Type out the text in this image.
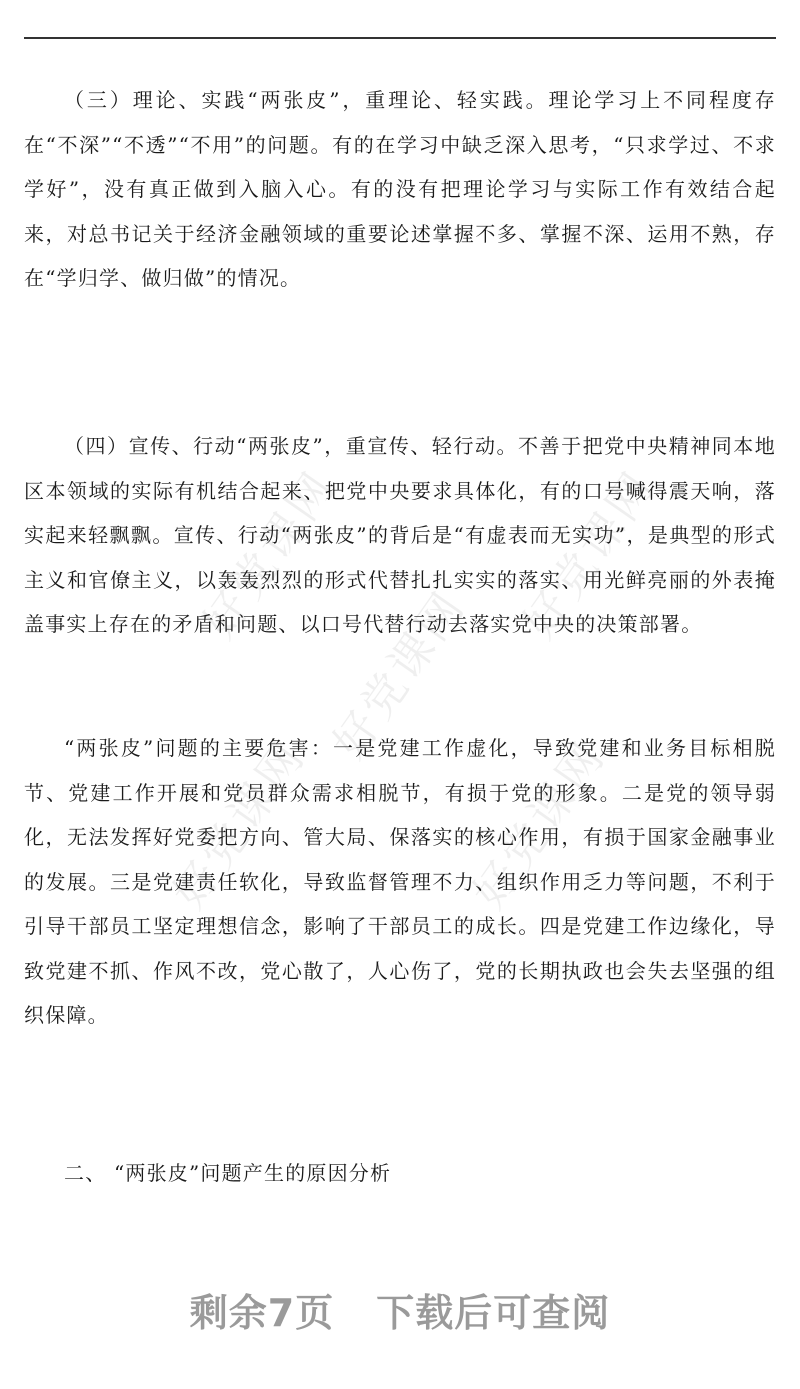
好党课网	好党课网
好党课网
好党课网	好党课网

（三）理论、实践“两张皮”，重理论、轻实践。理论学习上不同程度存在“不深”“不透”“不用”的问题。有的在学习中缺乏深入思考，“只求学过、不求学好”，没有真正做到入脑入心。有的没有把理论学习与实际工作有效结合起来，对总书记关于经济金融领域的重要论述掌握不多、掌握不深、运用不熟，存在“学归学、做归做”的情况。

（四）宣传、行动“两张皮”，重宣传、轻行动。不善于把党中央精神同本地区本领域的实际有机结合起来、把党中央要求具体化，有的口号喊得震天响，落实起来轻飘飘。宣传、行动“两张皮”的背后是“有虚表而无实功”，是典型的形式主义和官僚主义，以轰轰烈烈的形式代替扎扎实实的落实、用光鲜亮丽的外表掩盖事实上存在的矛盾和问题、以口号代替行动去落实党中央的决策部署。

“两张皮”问题的主要危害：一是党建工作虚化，导致党建和业务目标相脱节、党建工作开展和党员群众需求相脱节，有损于党的形象。二是党的领导弱化，无法发挥好党委把方向、管大局、保落实的核心作用，有损于国家金融事业的发展。三是党建责任软化，导致监督管理不力、组织作用乏力等问题，不利于引导干部员工坚定理想信念，影响了干部员工的成长。四是党建工作边缘化，导致党建不抓、作风不改，党心散了，人心伤了，党的长期执政也会失去坚强的组织保障。

二、 “两张皮”问题产生的原因分析

剩余7页 下载后可查阅
